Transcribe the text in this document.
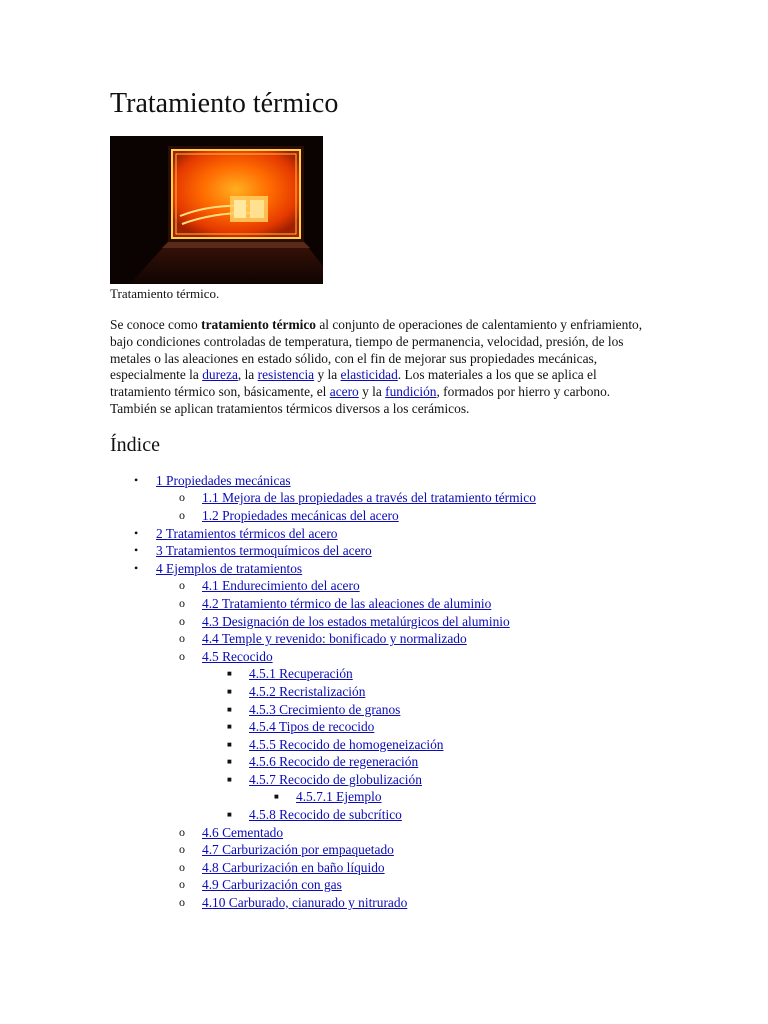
Tratamiento térmico
Tratamiento térmico.

Se conoce como tratamiento térmico al conjunto de operaciones de calentamiento y enfriamiento, bajo condiciones controladas de temperatura, tiempo de permanencia, velocidad, presión, de los metales o las aleaciones en estado sólido, con el fin de mejorar sus propiedades mecánicas, especialmente la dureza, la resistencia y la elasticidad. Los materiales a los que se aplica el tratamiento térmico son, básicamente, el acero y la fundición, formados por hierro y carbono. También se aplican tratamientos térmicos diversos a los cerámicos.

Índice
• 1 Propiedades mecánicas
o 1.1 Mejora de las propiedades a través del tratamiento térmico
o 1.2 Propiedades mecánicas del acero
• 2 Tratamientos térmicos del acero
• 3 Tratamientos termoquímicos del acero
• 4 Ejemplos de tratamientos
o 4.1 Endurecimiento del acero
o 4.2 Tratamiento térmico de las aleaciones de aluminio
o 4.3 Designación de los estados metalúrgicos del aluminio
o 4.4 Temple y revenido: bonificado y normalizado
o 4.5 Recocido
■ 4.5.1 Recuperación
■ 4.5.2 Recristalización
■ 4.5.3 Crecimiento de granos
■ 4.5.4 Tipos de recocido
■ 4.5.5 Recocido de homogeneización
■ 4.5.6 Recocido de regeneración
■ 4.5.7 Recocido de globulización
■ 4.5.7.1 Ejemplo
■ 4.5.8 Recocido de subcrítico
o 4.6 Cementado
o 4.7 Carburización por empaquetado
o 4.8 Carburización en baño líquido
o 4.9 Carburización con gas
o 4.10 Carburado, cianurado y nitrurado
